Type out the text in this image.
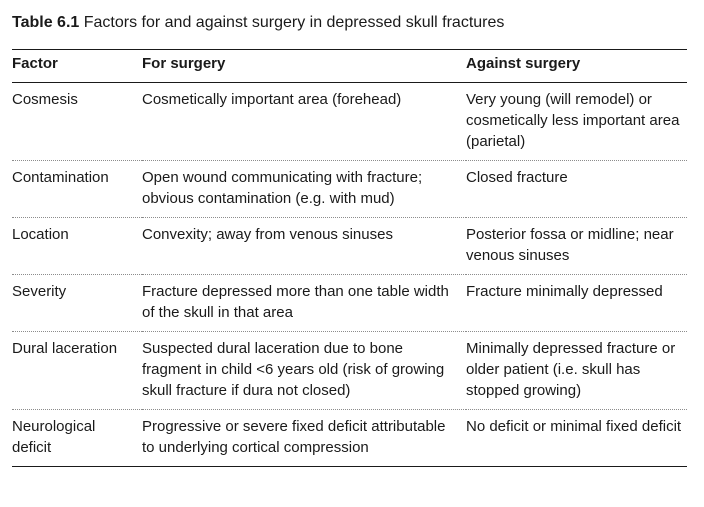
Table 6.1 Factors for and against surgery in depressed skull fractures

Factor	For surgery	Against surgery
Cosmesis	Cosmetically important area (forehead)	Very young (will remodel) or cosmetically less important area (parietal)
Contamination	Open wound communicating with fracture; obvious contamination (e.g. with mud)	Closed fracture
Location	Convexity; away from venous sinuses	Posterior fossa or midline; near venous sinuses
Severity	Fracture depressed more than one table width of the skull in that area	Fracture minimally depressed
Dural laceration	Suspected dural laceration due to bone fragment in child <6 years old (risk of growing skull fracture if dura not closed)	Minimally depressed fracture or older patient (i.e. skull has stopped growing)
Neurological deficit	Progressive or severe fixed deficit attributable to underlying cortical compression	No deficit or minimal fixed deficit
